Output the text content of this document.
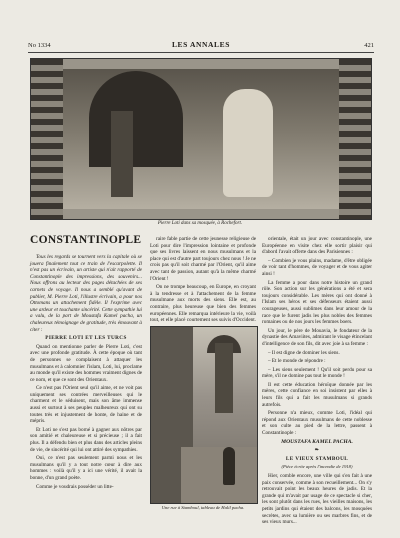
No 1334	LES ANNALES	421
Pierre Loti dans sa mosquée, à Rochefort.
CONSTANTINOPLE

Tous les regards se tournent vers la capitale où se jouera finalement tout ce train de l'escarpolette. Il n'est pas un écrivain, un artiste qui n'ait rapporté de Constantinople des impressions, des souvenirs... Nous offrons au lecteur des pages détachées de ses carnets de voyage. Il nous a semblé qu'avant de publier, M. Pierre Loti, l'illustre écrivain, a pour nos Ottomans un attachement fidèle. Il l'exprime avec une ardeur et touchante sincérité. Cette sympathie lui a valu, de la part de Moustafa Kamel pacha, un chaleureux témoignage de gratitude, très émouvant à citer :

PIERRE LOTI ET LES TURCS

Quand on mentionne parler de Pierre Loti, c'est avec une profonde gratitude. À cette époque où tant de personnes se complaisent à attaquer les musulmans et à calomnier l'islam, Loti, lui, proclame au monde qu'il existe des hommes vraiment dignes de ce nom, et que ce sont des Orientaux.

Ce n'est pas l'Orient seul qu'il aime, et ne voit pas uniquement ses contrées merveilleuses qui le charment et le séduisent, mais son âme immense aussi et surtout à ses peuples malheureux qui ont su toutes très et injustement de honte, de haine et de mépris.

Et Loti ne s'est pas borné à gagner aux nôtres par son amitié et chaleureuse et si précieuse ; il a fait plus. Il a défendu bien et plus dans des articles pleins de vie, de sincérité qui lui ont attiré des sympathies.

Oui, ce n'est pas seulement parmi nous et les musulmans qu'il y a tout notre cœur à dire aux hommes : voilà qu'il y a ici une vérité, il avait la bonne, d'un grand poète.

Comme je voudrais posséder un litte-

raire fable partie de cette jeunesse religieuse de Loti pour dire l'impression lointaine et profonde que ses livres laissent en nous musulmans et la place qui est d'autre part toujours chez nous ! Je ne crois pas qu'il soit charmé par l'Orient, qu'il aime avec tant de passion, autant qu'à la même charmé l'Orient !

On ne trompe beaucoup, en Europe, en croyant à la tendresse et à l'attachement de la femme musulmane aux morts des siens. Elle est, au contraire, plus heureuse que bien des femmes européennes. Elle remarqua intérieure la vie, voilà tout, et elle placé courtement ses suivis d'Occident.

Une rue à Stamboul, tableau de Halil pacha.

orientale, était un jour avec constantinople, une Européenne en visite chez elle sortir plaisir qui d'abord l'avait offerte dans des Parisiennes :

– Combien je vous plains, madame, d'être obligée de voir tant d'hommes, de voyager et de vous agiter ainsi !

La femme a pour dans notre histoire un grand rôle. Son action sur les générations a été et sera toujours considérable. Les mères qui ont donné à l'Islam ses héros et ses défenseurs étaient aussi courageuses, aussi sublimes dans leur amour de la race que le furent jadis les plus nobles des femmes romaines ou de nos jours les femmes boers.

Un jour, le père de Mouavia, le fondateur de la dynastie des Amaviites, admirant le visage étincelant d'intelligence de son fils, dit avec joie à sa femme :

– Il est digne de dominer les siens.

– Et le monde de répondre :

– Les siens seulement ! Qu'il soit perdu pour sa mère, s'il ne domine pas tout le monde !

Il est cette éducation héroïque donnée par les mères, cette confiance en soi insistent par elles à leurs fils qui a fait les musulmans si grands autrefois.

Personne n'a mieux, comme Loti, l'idéal qui répond aux Orientaux musulmans de cette noblesse et son culte au pied de la lettre, passent à Constantinople :

MOUSTAFA KAMEL PACHA.

❧

LE VIEUX STAMBOUL

(Pièce écrite après l'incendie de 1918)

Hier, comble encore, une ville qui s'en fait à une paix conservée, comme à son recueillement... On s'y retrouvait point les beaux heures de jadis. Et la grande qui m'avait par usage de ce spectacle si cher, les sont plutôt dans les rues, les vieilles maisons, les petits jardins qui étaient des balcons, les mosquées secrètes, avec sa lumière ou ses marbres fins, et de ses vieux murs...
